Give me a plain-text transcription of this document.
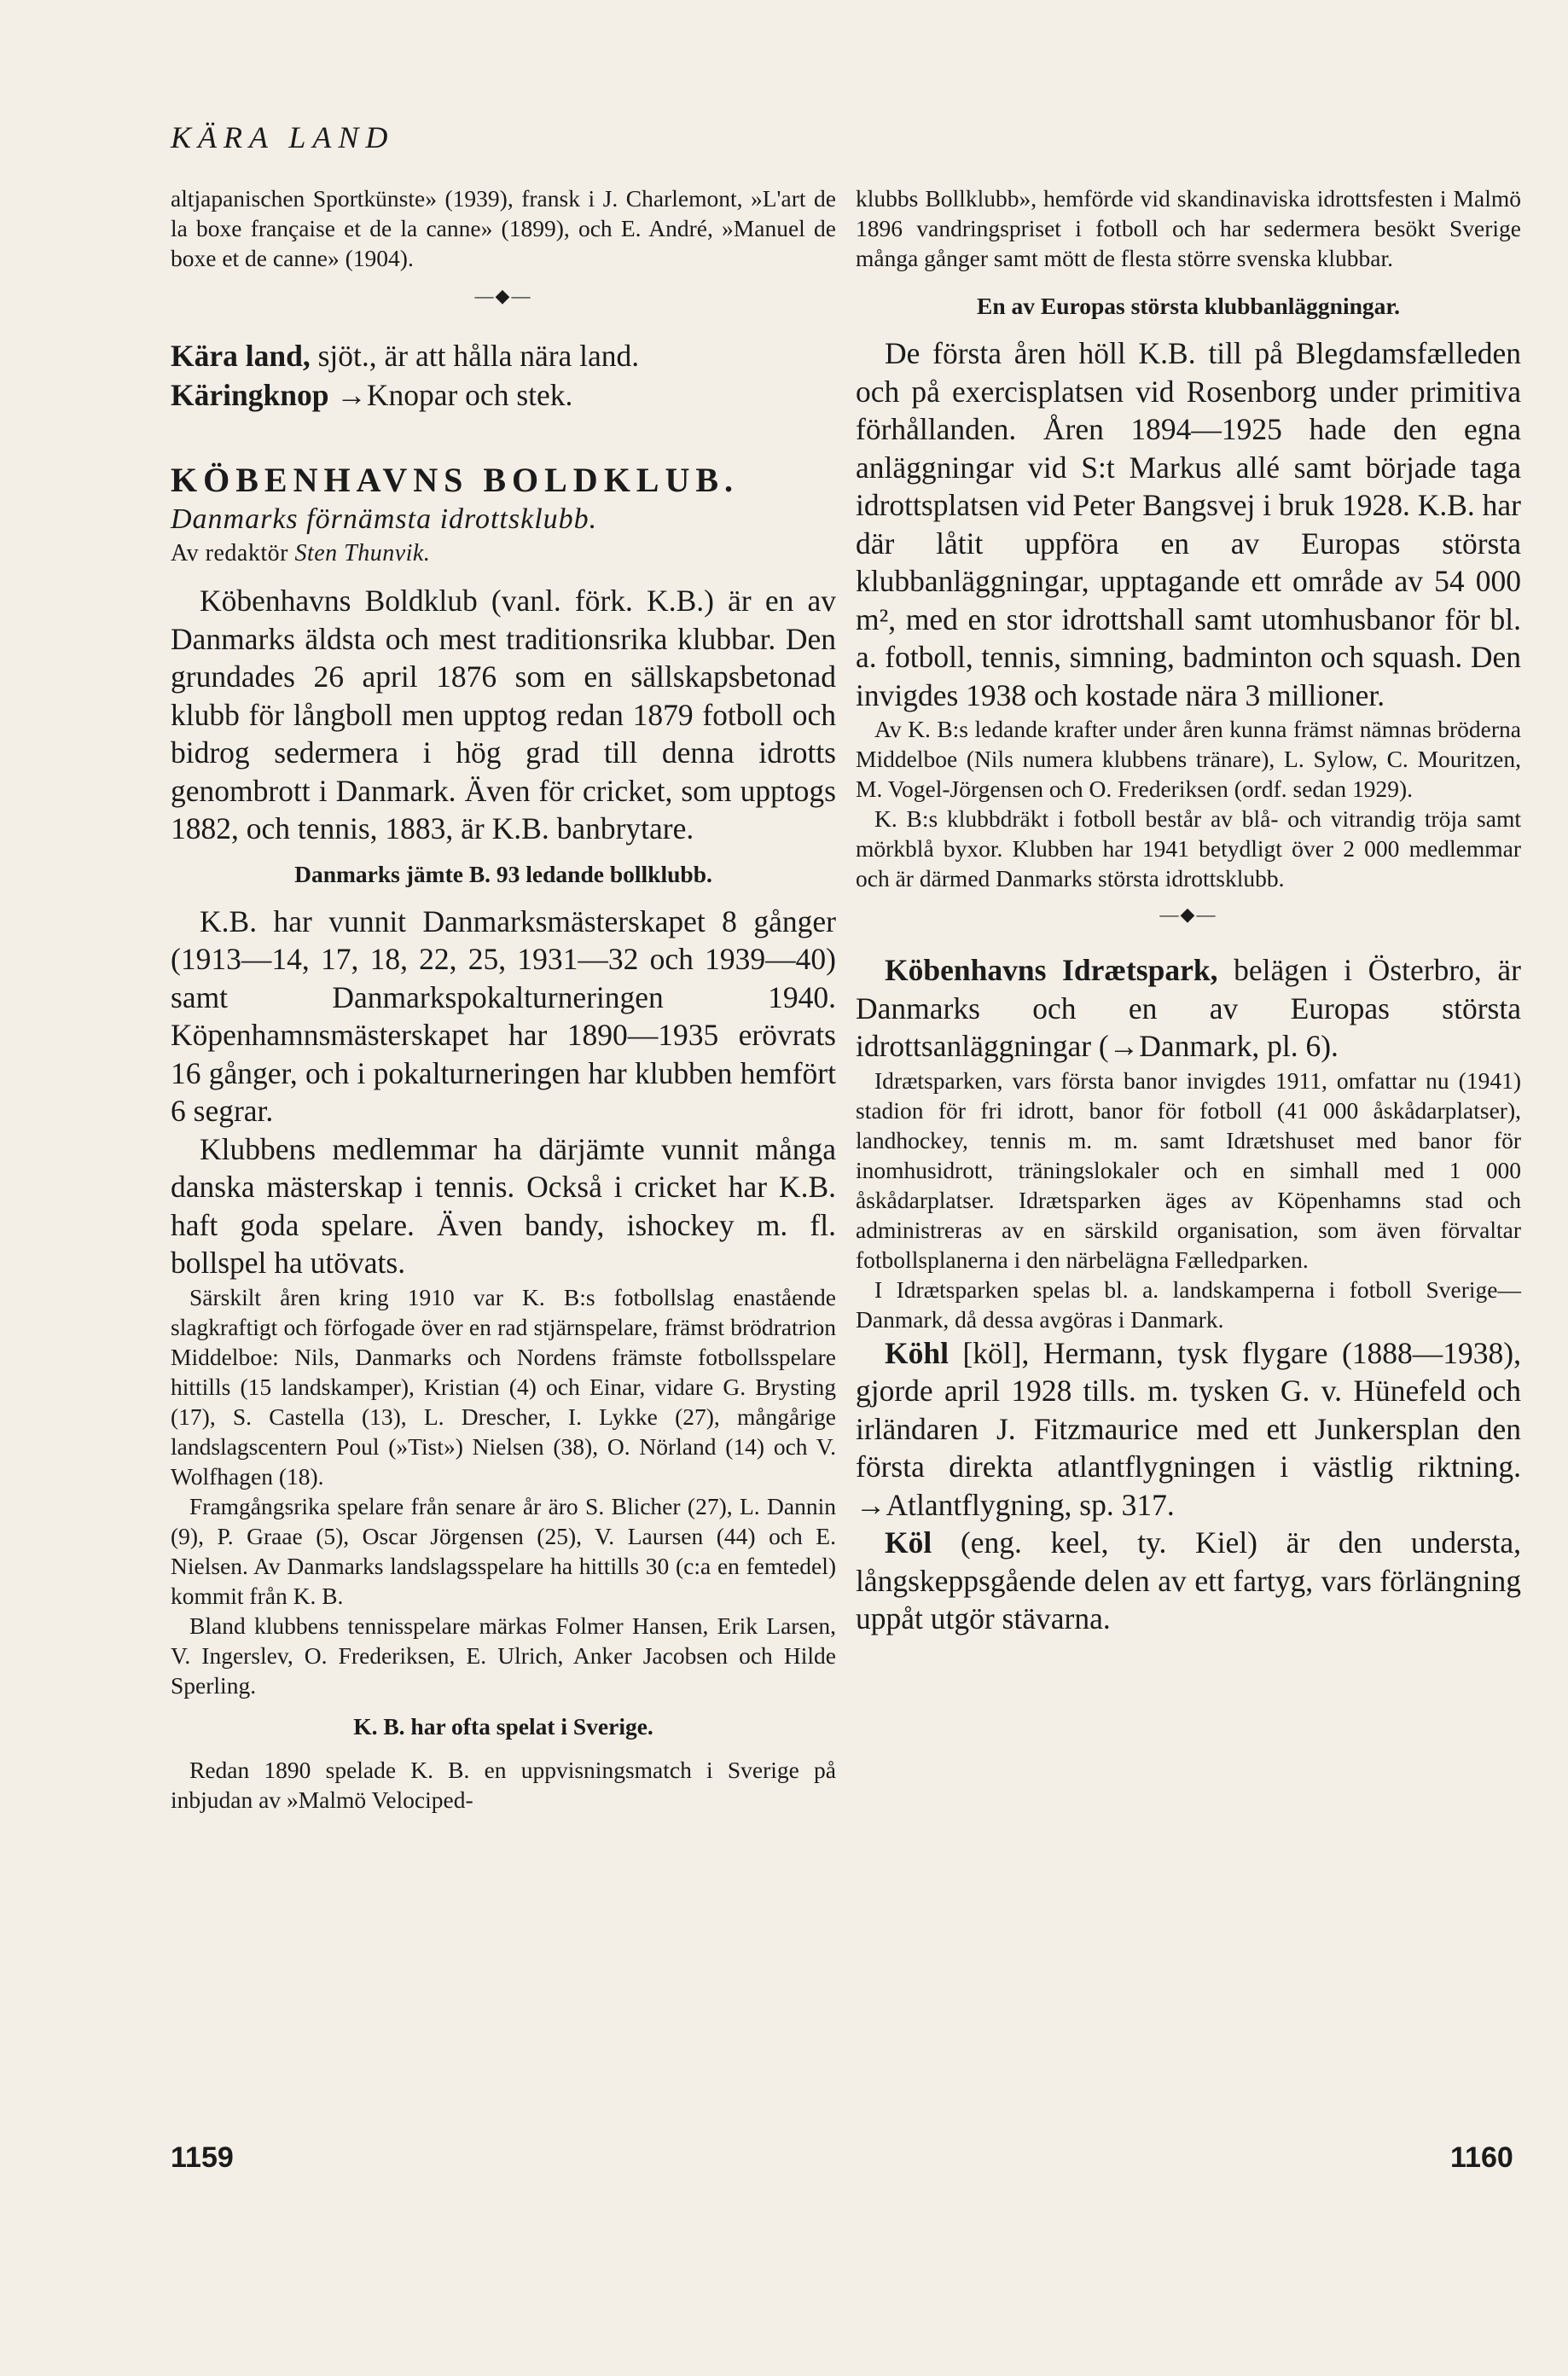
KÄRA LAND

altjapanischen Sportkünste» (1939), fransk i J. Charlemont, »L'art de la boxe française et de la canne» (1899), och E. André, »Manuel de boxe et de canne» (1904).

—◆—

Kära land, sjöt., är att hålla nära land.

Käringknop →Knopar och stek.

KÖBENHAVNS BOLDKLUB.
Danmarks förnämsta idrottsklubb.
Av redaktör Sten Thunvik.

Köbenhavns Boldklub (vanl. förk. K.B.) är en av Danmarks äldsta och mest traditionsrika klubbar. Den grundades 26 april 1876 som en sällskapsbetonad klubb för långboll men upptog redan 1879 fotboll och bidrog sedermera i hög grad till denna idrotts genombrott i Danmark. Även för cricket, som upptogs 1882, och tennis, 1883, är K.B. banbrytare.

Danmarks jämte B. 93 ledande bollklubb.

K.B. har vunnit Danmarksmästerskapet 8 gånger (1913—14, 17, 18, 22, 25, 1931—32 och 1939—40) samt Danmarkspokalturneringen 1940. Köpenhamnsmästerskapet har 1890—1935 erövrats 16 gånger, och i pokalturneringen har klubben hemfört 6 segrar.

Klubbens medlemmar ha därjämte vunnit många danska mästerskap i tennis. Också i cricket har K.B. haft goda spelare. Även bandy, ishockey m. fl. bollspel ha utövats.

Särskilt åren kring 1910 var K. B:s fotbollslag enastående slagkraftigt och förfogade över en rad stjärnspelare, främst brödratrion Middelboe: Nils, Danmarks och Nordens främste fotbollsspelare hittills (15 landskamper), Kristian (4) och Einar, vidare G. Brysting (17), S. Castella (13), L. Drescher, I. Lykke (27), mångårige landslagscentern Poul (»Tist») Nielsen (38), O. Nörland (14) och V. Wolfhagen (18).

Framgångsrika spelare från senare år äro S. Blicher (27), L. Dannin (9), P. Graae (5), Oscar Jörgensen (25), V. Laursen (44) och E. Nielsen. Av Danmarks landslagsspelare ha hittills 30 (c:a en femtedel) kommit från K. B.

Bland klubbens tennisspelare märkas Folmer Hansen, Erik Larsen, V. Ingerslev, O. Frederiksen, E. Ulrich, Anker Jacobsen och Hilde Sperling.

K. B. har ofta spelat i Sverige.

Redan 1890 spelade K. B. en uppvisningsmatch i Sverige på inbjudan av »Malmö Velociped-

klubbs Bollklubb», hemförde vid skandinaviska idrottsfesten i Malmö 1896 vandringspriset i fotboll och har sedermera besökt Sverige många gånger samt mött de flesta större svenska klubbar.

En av Europas största klubbanläggningar.

De första åren höll K.B. till på Blegdamsfælleden och på exercisplatsen vid Rosenborg under primitiva förhållanden. Åren 1894—1925 hade den egna anläggningar vid S:t Markus allé samt började taga idrottsplatsen vid Peter Bangsvej i bruk 1928. K.B. har där låtit uppföra en av Europas största klubbanläggningar, upptagande ett område av 54 000 m², med en stor idrottshall samt utomhusbanor för bl. a. fotboll, tennis, simning, badminton och squash. Den invigdes 1938 och kostade nära 3 millioner.

Av K. B:s ledande krafter under åren kunna främst nämnas bröderna Middelboe (Nils numera klubbens tränare), L. Sylow, C. Mouritzen, M. Vogel-Jörgensen och O. Frederiksen (ordf. sedan 1929).

K. B:s klubbdräkt i fotboll består av blå- och vitrandig tröja samt mörkblå byxor. Klubben har 1941 betydligt över 2 000 medlemmar och är därmed Danmarks största idrottsklubb.

—◆—

Köbenhavns Idrætspark, belägen i Österbro, är Danmarks och en av Europas största idrottsanläggningar (→Danmark, pl. 6).

Idrætsparken, vars första banor invigdes 1911, omfattar nu (1941) stadion för fri idrott, banor för fotboll (41 000 åskådarplatser), landhockey, tennis m. m. samt Idrætshuset med banor för inomhusidrott, träningslokaler och en simhall med 1 000 åskådarplatser. Idrætsparken äges av Köpenhamns stad och administreras av en särskild organisation, som även förvaltar fotbollsplanerna i den närbelägna Fælledparken.

I Idrætsparken spelas bl. a. landskamperna i fotboll Sverige—Danmark, då dessa avgöras i Danmark.

Köhl [köl], Hermann, tysk flygare (1888—1938), gjorde april 1928 tills. m. tysken G. v. Hünefeld och irländaren J. Fitzmaurice med ett Junkersplan den första direkta atlantflygningen i västlig riktning. →Atlantflygning, sp. 317.

Köl (eng. keel, ty. Kiel) är den understa, långskeppsgående delen av ett fartyg, vars förlängning uppåt utgör stävarna.

1159	1160
